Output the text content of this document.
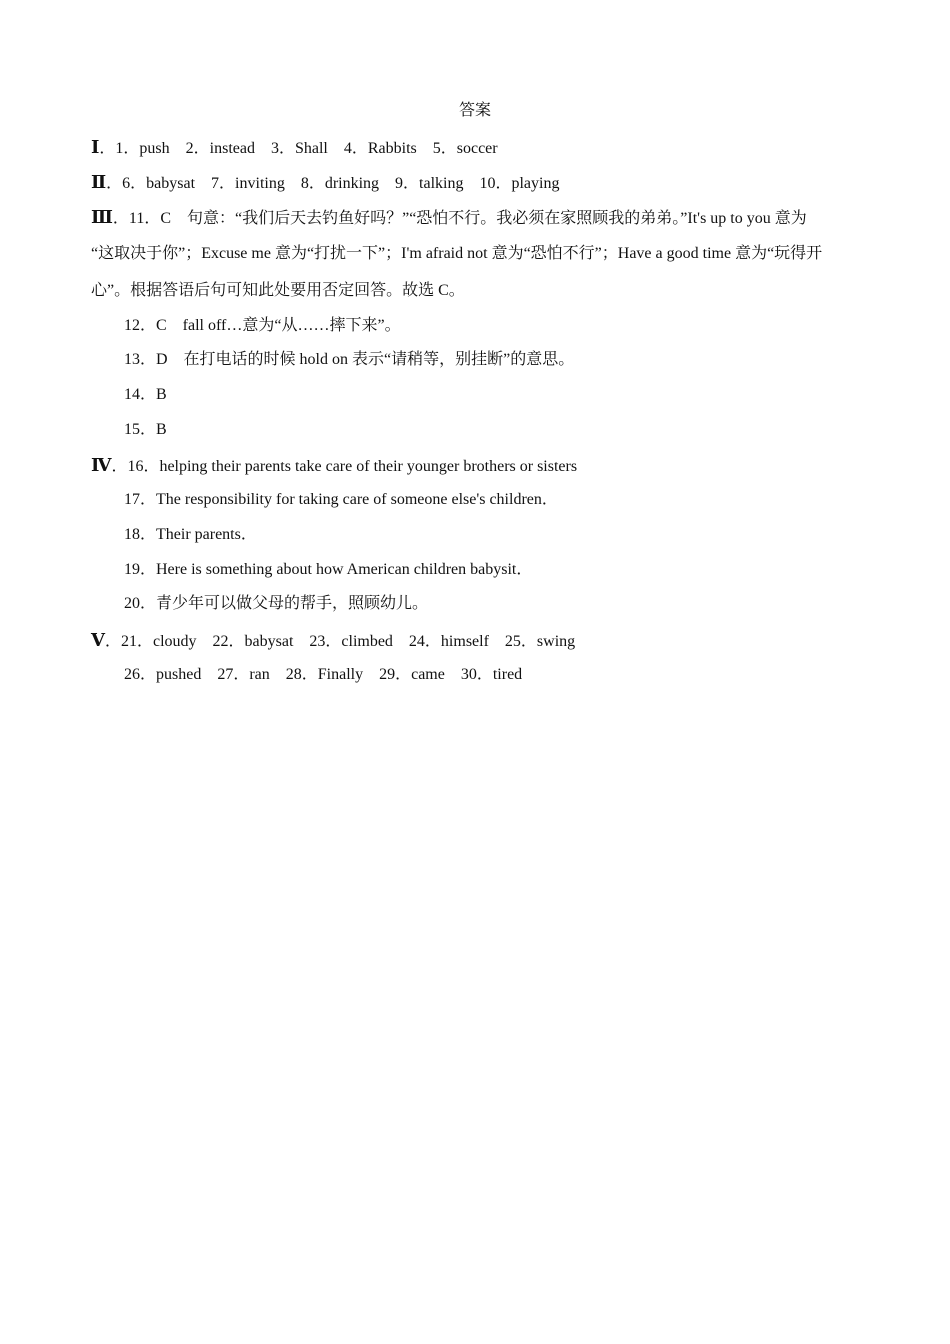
答案
Ⅰ．1．push　2．instead　3．Shall　4．Rabbits　5．soccer
Ⅱ．6．babysat　7．inviting　8．drinking　9．talking　10．playing
Ⅲ．11．C　句意：“我们后天去钓鱼好吗？”“恐怕不行。我必须在家照顾我的弟弟。”It's up to you 意为
“这取决于你”；Excuse me 意为“打扰一下”；I'm afraid not 意为“恐怕不行”；Have a good time 意为“玩得开
心”。根据答语后句可知此处要用否定回答。故选 C。
12．C　fall off…意为“从……摔下来”。
13．D　在打电话的时候 hold on 表示“请稍等，别挂断”的意思。
14．B
15．B
Ⅳ．16．helping their parents take care of their younger brothers or sisters
17．The responsibility for taking care of someone else's children．
18．Their parents．
19．Here is something about how American children babysit．
20．青少年可以做父母的帮手，照顾幼儿。
Ⅴ．21．cloudy　22．babysat　23．climbed　24．himself　25．swing
26．pushed　27．ran　28．Finally　29．came　30．tired
